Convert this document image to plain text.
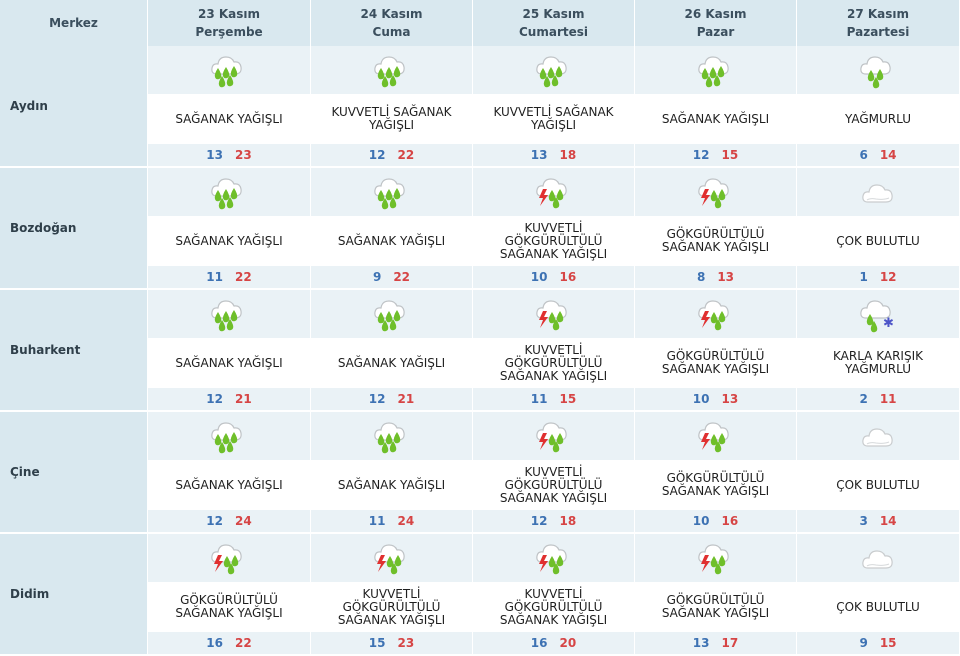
Merkez
23 Kasım
Perşembe
24 Kasım
Cuma
25 Kasım
Cumartesi
26 Kasım
Pazar
27 Kasım
Pazartesi
Aydın
SAĞANAK YAĞIŞLI
13 23
KUVVETLİ SAĞANAK
YAĞIŞLI
12 22
KUVVETLİ SAĞANAK
YAĞIŞLI
13 18
SAĞANAK YAĞIŞLI
12 15
YAĞMURLU
6 14
Bozdoğan
SAĞANAK YAĞIŞLI
11 22
SAĞANAK YAĞIŞLI
9 22
KUVVETLİ
GÖKGÜRÜLTÜLÜ
SAĞANAK YAĞIŞLI
10 16
GÖKGÜRÜLTÜLÜ
SAĞANAK YAĞIŞLI
8 13
ÇOK BULUTLU
1 12
Buharkent
SAĞANAK YAĞIŞLI
12 21
SAĞANAK YAĞIŞLI
12 21
KUVVETLİ
GÖKGÜRÜLTÜLÜ
SAĞANAK YAĞIŞLI
11 15
GÖKGÜRÜLTÜLÜ
SAĞANAK YAĞIŞLI
10 13
✱
KARLA KARIŞIK
YAĞMURLU
2 11
Çine
SAĞANAK YAĞIŞLI
12 24
SAĞANAK YAĞIŞLI
11 24
KUVVETLİ
GÖKGÜRÜLTÜLÜ
SAĞANAK YAĞIŞLI
12 18
GÖKGÜRÜLTÜLÜ
SAĞANAK YAĞIŞLI
10 16
ÇOK BULUTLU
3 14
Didim	GÖKGÜRÜLTÜLÜ
SAĞANAK YAĞIŞLI
16 22
KUVVETLİ
GÖKGÜRÜLTÜLÜ
SAĞANAK YAĞIŞLI
15 23
KUVVETLİ
GÖKGÜRÜLTÜLÜ
SAĞANAK YAĞIŞLI
16 20
GÖKGÜRÜLTÜLÜ
SAĞANAK YAĞIŞLI
13 17
ÇOK BULUTLU
9 15
